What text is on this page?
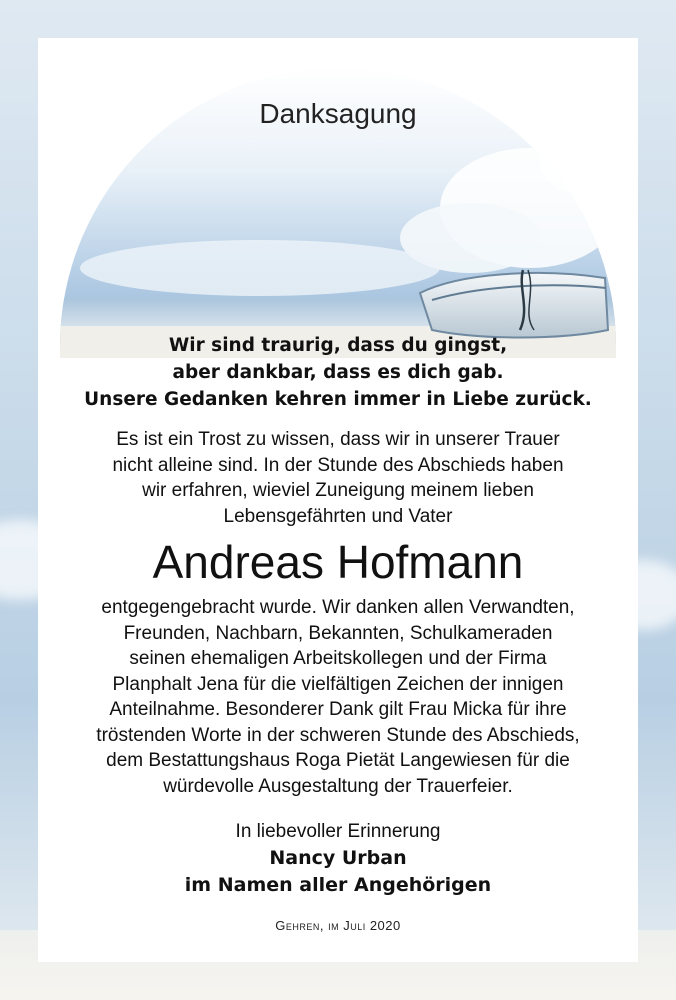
Danksagung
Wir sind traurig, dass du gingst,
aber dankbar, dass es dich gab.
Unsere Gedanken kehren immer in Liebe zurück.
Es ist ein Trost zu wissen, dass wir in unserer Trauer
nicht alleine sind. In der Stunde des Abschieds haben
wir erfahren, wieviel Zuneigung meinem lieben
Lebensgefährten und Vater
Andreas Hofmann
entgegengebracht wurde. Wir danken allen Verwandten,
Freunden, Nachbarn, Bekannten, Schulkameraden
seinen ehemaligen Arbeitskollegen und der Firma
Planphalt Jena für die vielfältigen Zeichen der innigen
Anteilnahme. Besonderer Dank gilt Frau Micka für ihre
tröstenden Worte in der schweren Stunde des Abschieds,
dem Bestattungshaus Roga Pietät Langewiesen für die
würdevolle Ausgestaltung der Trauerfeier.
In liebevoller Erinnerung
Nancy Urban
im Namen aller Angehörigen
Gehren, im Juli 2020
